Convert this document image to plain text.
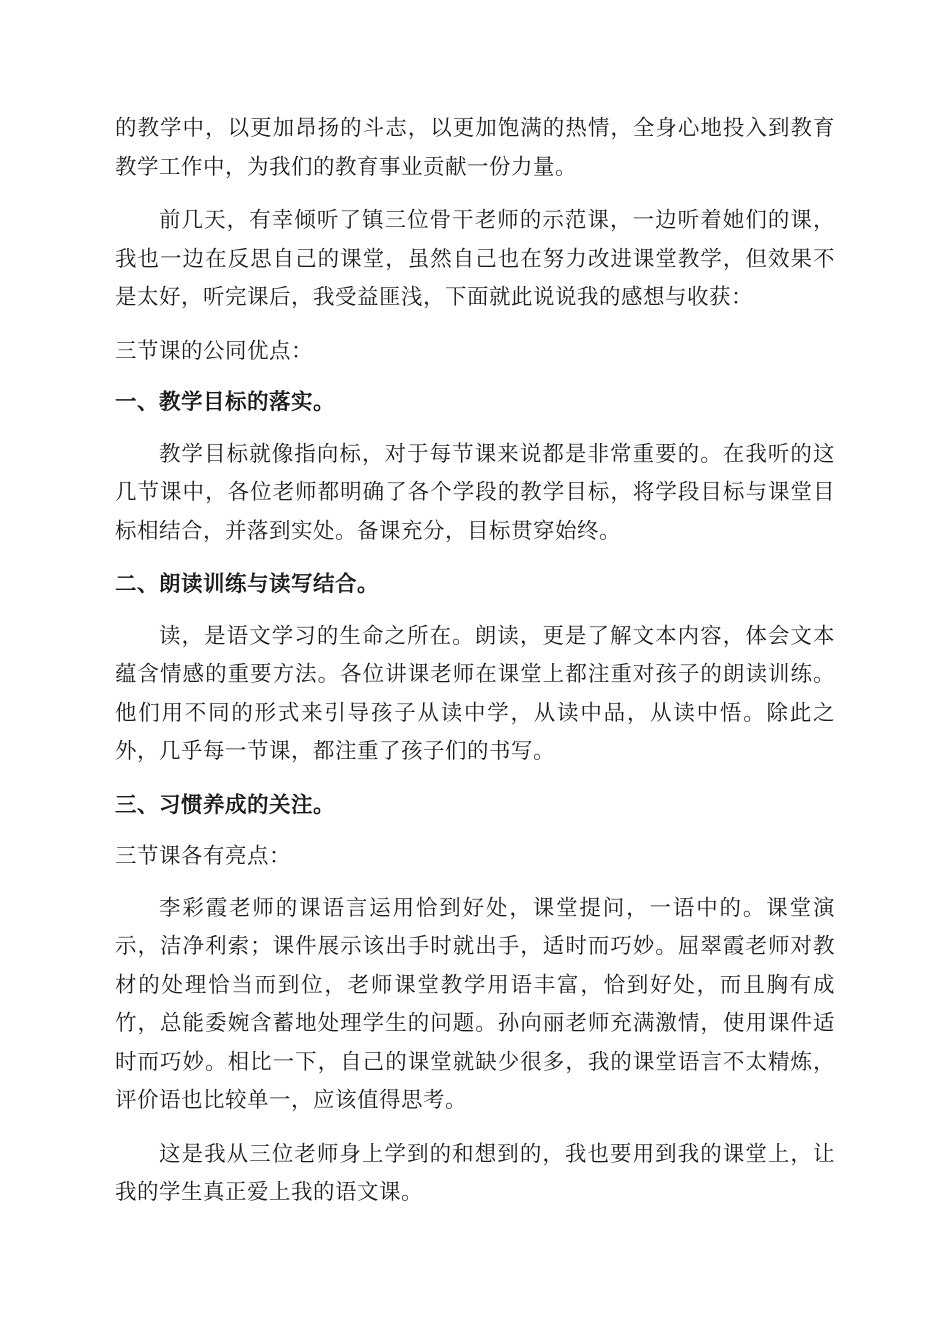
的教学中，以更加昂扬的斗志，以更加饱满的热情，全身心地投入到教育教学工作中，为我们的教育事业贡献一份力量。

前几天，有幸倾听了镇三位骨干老师的示范课，一边听着她们的课，我也一边在反思自己的课堂，虽然自己也在努力改进课堂教学，但效果不是太好，听完课后，我受益匪浅，下面就此说说我的感想与收获：

三节课的公同优点：

一、教学目标的落实。

教学目标就像指向标，对于每节课来说都是非常重要的。在我听的这几节课中，各位老师都明确了各个学段的教学目标，将学段目标与课堂目标相结合，并落到实处。备课充分，目标贯穿始终。

二、朗读训练与读写结合。

读，是语文学习的生命之所在。朗读，更是了解文本内容，体会文本蕴含情感的重要方法。各位讲课老师在课堂上都注重对孩子的朗读训练。他们用不同的形式来引导孩子从读中学，从读中品，从读中悟。除此之外，几乎每一节课，都注重了孩子们的书写。

三、习惯养成的关注。

三节课各有亮点：

李彩霞老师的课语言运用恰到好处，课堂提问，一语中的。课堂演示，洁净利索；课件展示该出手时就出手，适时而巧妙。屈翠霞老师对教材的处理恰当而到位，老师课堂教学用语丰富，恰到好处，而且胸有成竹，总能委婉含蓄地处理学生的问题。孙向丽老师充满激情，使用课件适时而巧妙。相比一下，自己的课堂就缺少很多，我的课堂语言不太精炼，评价语也比较单一，应该值得思考。

这是我从三位老师身上学到的和想到的，我也要用到我的课堂上，让我的学生真正爱上我的语文课。
